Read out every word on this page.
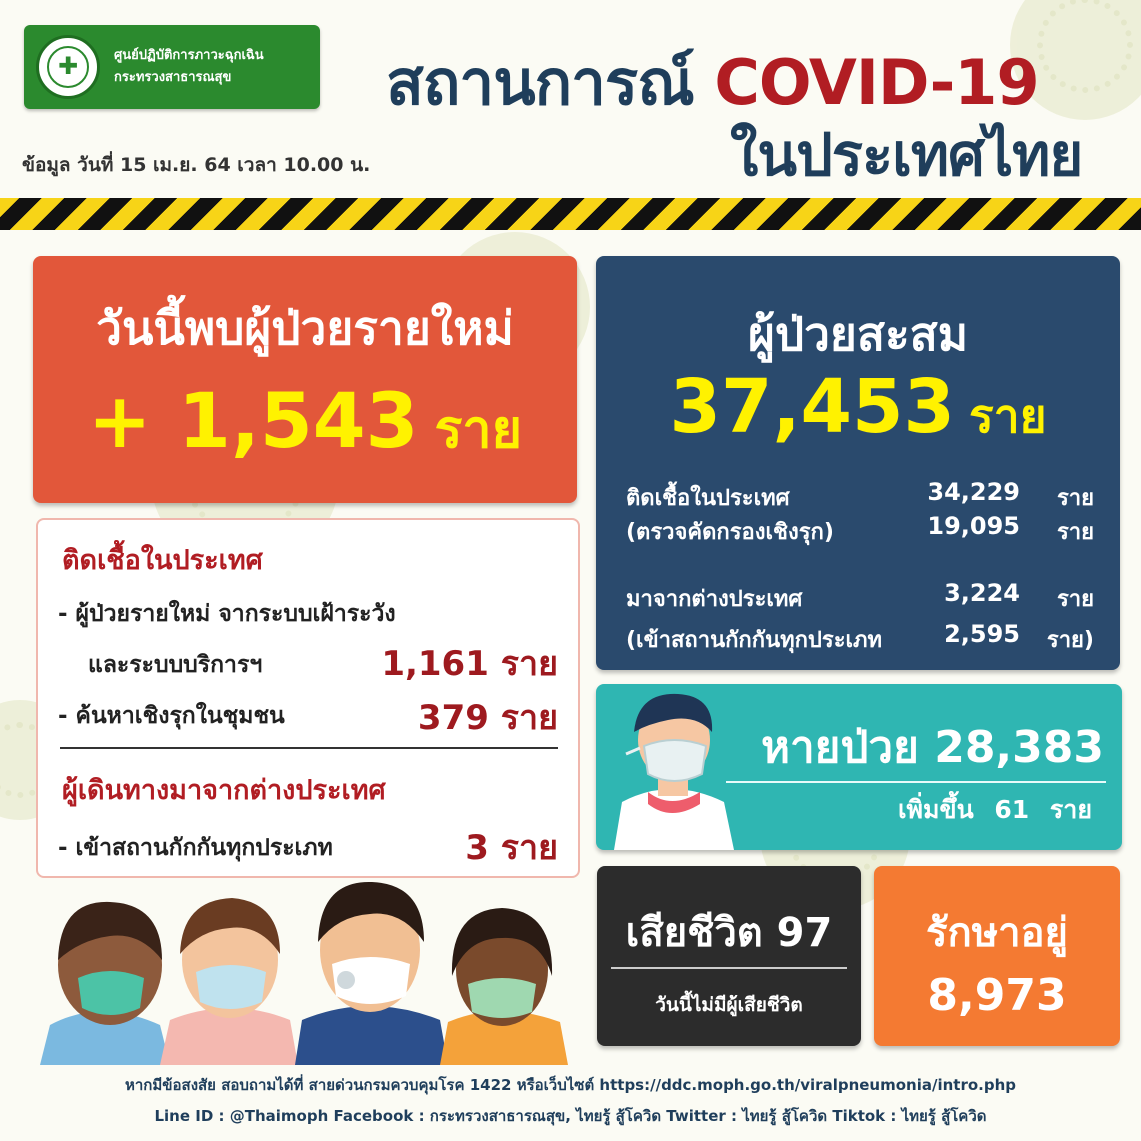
✚
ศูนย์ปฏิบัติการภาวะฉุกเฉิน
กระทรวงสาธารณสุข	สถานการณ์ COVID-19
ในประเทศไทย
ข้อมูล วันที่ 15 เม.ย. 64 เวลา 10.00 น.
วันนี้พบผู้ป่วยรายใหม่
+ 1,543 ราย
ติดเชื้อในประเทศ
- ผู้ป่วยรายใหม่ จากระบบเฝ้าระวัง
และระบบบริการฯ	1,161 ราย
- ค้นหาเชิงรุกในชุมชน	379 ราย
ผู้เดินทางมาจากต่างประเทศ
- เข้าสถานกักกันทุกประเภท	3 ราย
ผู้ป่วยสะสม
37,453 ราย
ติดเชื้อในประเทศ	34,229 ราย
(ตรวจคัดกรองเชิงรุก)	19,095 ราย
มาจากต่างประเทศ	3,224 ราย
(เข้าสถานกักกันทุกประเภท	2,595 ราย)
หายป่วย 28,383
เพิ่มขึ้น 61 ราย
เสียชีวิต 97
วันนี้ไม่มีผู้เสียชีวิต
รักษาอยู่
8,973
หากมีข้อสงสัย สอบถามได้ที่ สายด่วนกรมควบคุมโรค 1422 หรือเว็บไซต์ https://ddc.moph.go.th/viralpneumonia/intro.php
Line ID : @Thaimoph Facebook : กระทรวงสาธารณสุข, ไทยรู้ สู้โควิด Twitter : ไทยรู้ สู้โควิด Tiktok : ไทยรู้ สู้โควิด
